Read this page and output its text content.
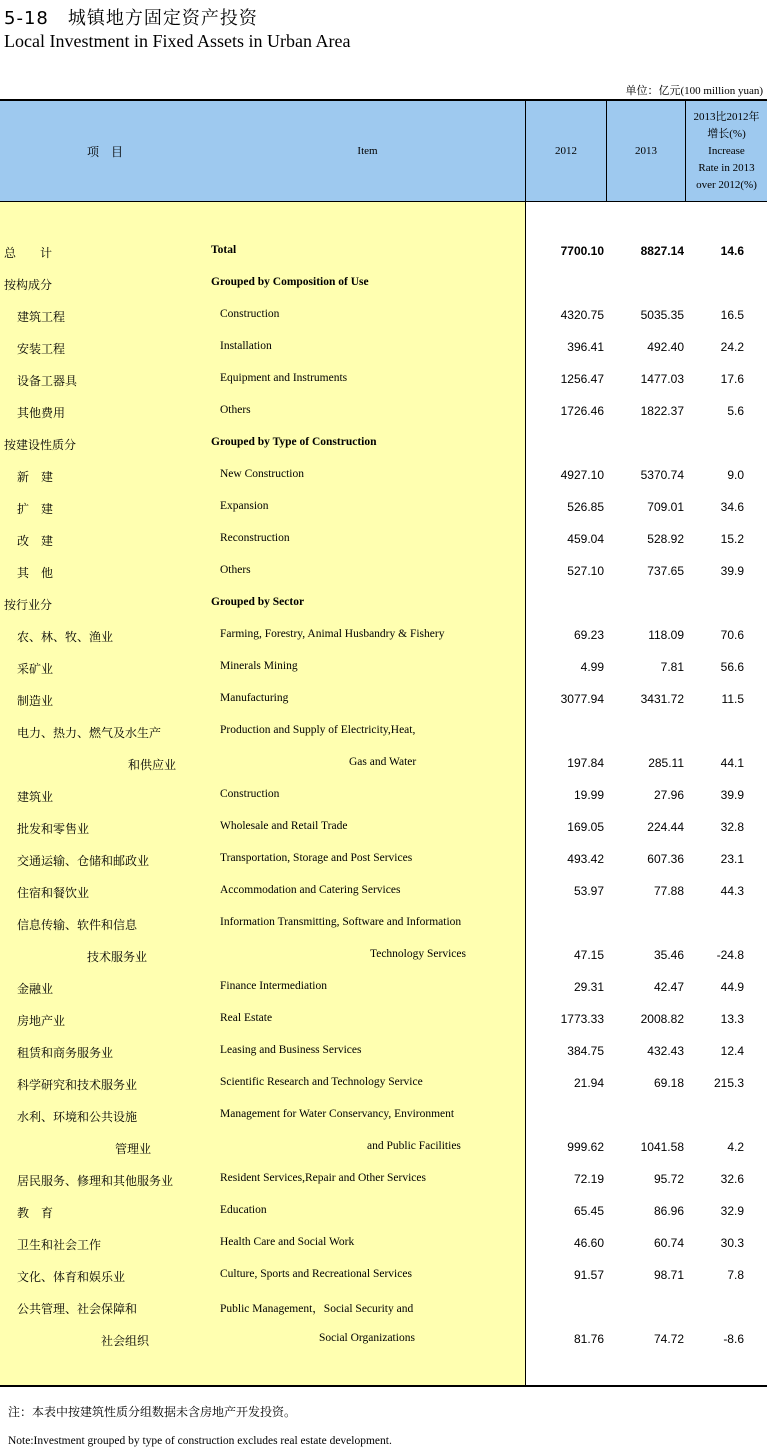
5-18　城镇地方固定资产投资
Local Investment in Fixed Assets in Urban Area
单位：亿元(100 million yuan)
项　目	Item	2012	2013
2013比2012年
增长(%)
Increase
Rate in 2013
over 2012(%)
总　　计	Total	7700.10	8827.14	14.6
按构成分	Grouped by Composition of Use
建筑工程	Construction	4320.75	5035.35	16.5
安装工程	Installation	396.41	492.40	24.2
设备工器具	Equipment and Instruments	1256.47	1477.03	17.6
其他费用	Others	1726.46	1822.37	5.6
按建设性质分	Grouped by Type of Construction
新　建	New Construction	4927.10	5370.74	9.0
扩　建	Expansion	526.85	709.01	34.6
改　建	Reconstruction	459.04	528.92	15.2
其　他	Others	527.10	737.65	39.9
按行业分	Grouped by Sector
农、林、牧、渔业	Farming, Forestry, Animal Husbandry & Fishery	69.23	118.09	70.6
采矿业	Minerals Mining	4.99	7.81	56.6
制造业	Manufacturing	3077.94	3431.72	11.5
电力、热力、燃气及水生产	Production and Supply of Electricity,Heat,
和供应业	Gas and Water	197.84	285.11	44.1
建筑业	Construction	19.99	27.96	39.9
批发和零售业	Wholesale and Retail Trade	169.05	224.44	32.8
交通运输、仓储和邮政业	Transportation, Storage and Post Services	493.42	607.36	23.1
住宿和餐饮业	Accommodation and Catering Services	53.97	77.88	44.3
信息传输、软件和信息	Information Transmitting, Software and Information
技术服务业	Technology Services	47.15	35.46	-24.8
金融业	Finance Intermediation	29.31	42.47	44.9
房地产业	Real Estate	1773.33	2008.82	13.3
租赁和商务服务业	Leasing and Business Services	384.75	432.43	12.4
科学研究和技术服务业	Scientific Research and Technology Service	21.94	69.18 215.3
水利、环境和公共设施	Management for Water Conservancy, Environment
管理业	and Public Facilities	999.62	1041.58	4.2
居民服务、修理和其他服务业	Resident Services,Repair and Other Services	72.19	95.72	32.6
教　育	Education	65.45	86.96	32.9
卫生和社会工作	Health Care and Social Work	46.60	60.74	30.3
文化、体育和娱乐业	Culture, Sports and Recreational Services	91.57	98.71	7.8
公共管理、社会保障和	Public Management，Social Security and
社会组织	Social Organizations	81.76	74.72	-8.6
注：本表中按建筑性质分组数据未含房地产开发投资。
Note:Investment grouped by type of construction excludes real estate development.
